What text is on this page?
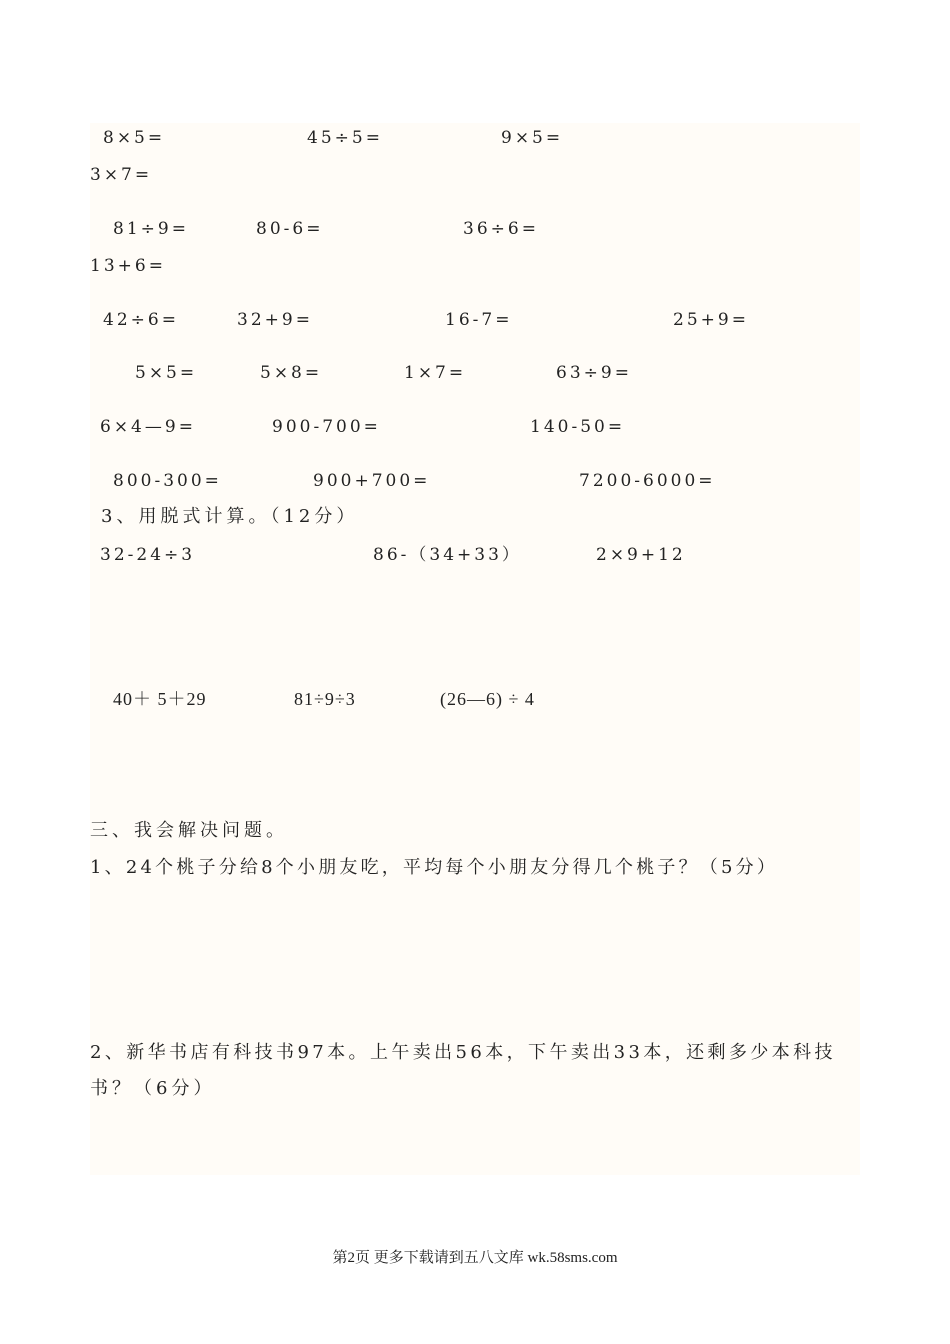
8×5=	45÷5=	9×5=
3×7=
81÷9=	80-6=	36÷6=
13+6=
42÷6=	32+9=	16-7=	25+9=
5×5=	5×8=	1×7=	63÷9=
6×4—9=	900-700=	140-50=
800-300=	900+700=	7200-6000=
3、用脱式计算。（12分）
32-24÷3	86-（34+33）	2×9+12
40＋ 5＋29	81÷9÷3	(26—6) ÷ 4
三、我会解决问题。
1、24个桃子分给8个小朋友吃，平均每个小朋友分得几个桃子？（5分）
2、新华书店有科技书97本。上午卖出56本，下午卖出33本，还剩多少本科技
书？（6分）
第2页 更多下载请到五八文库 wk.58sms.com
